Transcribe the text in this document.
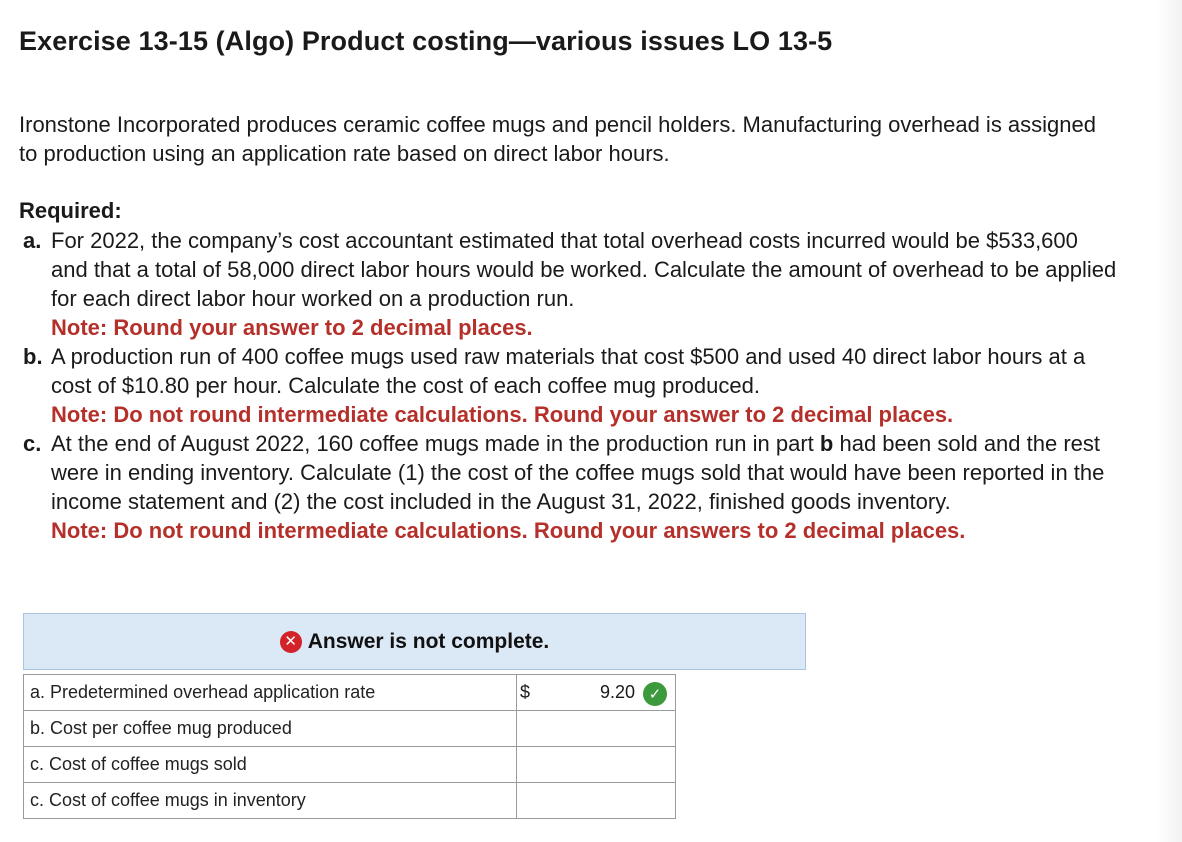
Exercise 13-15 (Algo) Product costing—various issues LO 13-5

Ironstone Incorporated produces ceramic coffee mugs and pencil holders. Manufacturing overhead is assigned to production using an application rate based on direct labor hours.

Required:

a. For 2022, the company’s cost accountant estimated that total overhead costs incurred would be $533,600 and that a total of 58,000 direct labor hours would be worked. Calculate the amount of overhead to be applied for each direct labor hour worked on a production run.
Note: Round your answer to 2 decimal places.
b. A production run of 400 coffee mugs used raw materials that cost $500 and used 40 direct labor hours at a cost of $10.80 per hour. Calculate the cost of each coffee mug produced.
Note: Do not round intermediate calculations. Round your answer to 2 decimal places.
c. At the end of August 2022, 160 coffee mugs made in the production run in part b had been sold and the rest were in ending inventory. Calculate (1) the cost of the coffee mugs sold that would have been reported in the income statement and (2) the cost included in the August 31, 2022, finished goods inventory.
Note: Do not round intermediate calculations. Round your answers to 2 decimal places.
✕ Answer is not complete.
a. Predetermined overhead application rate	$ 9.20 ✓

b. Cost per coffee mug produced	
c. Cost of coffee mugs sold	
c. Cost of coffee mugs in inventory	
